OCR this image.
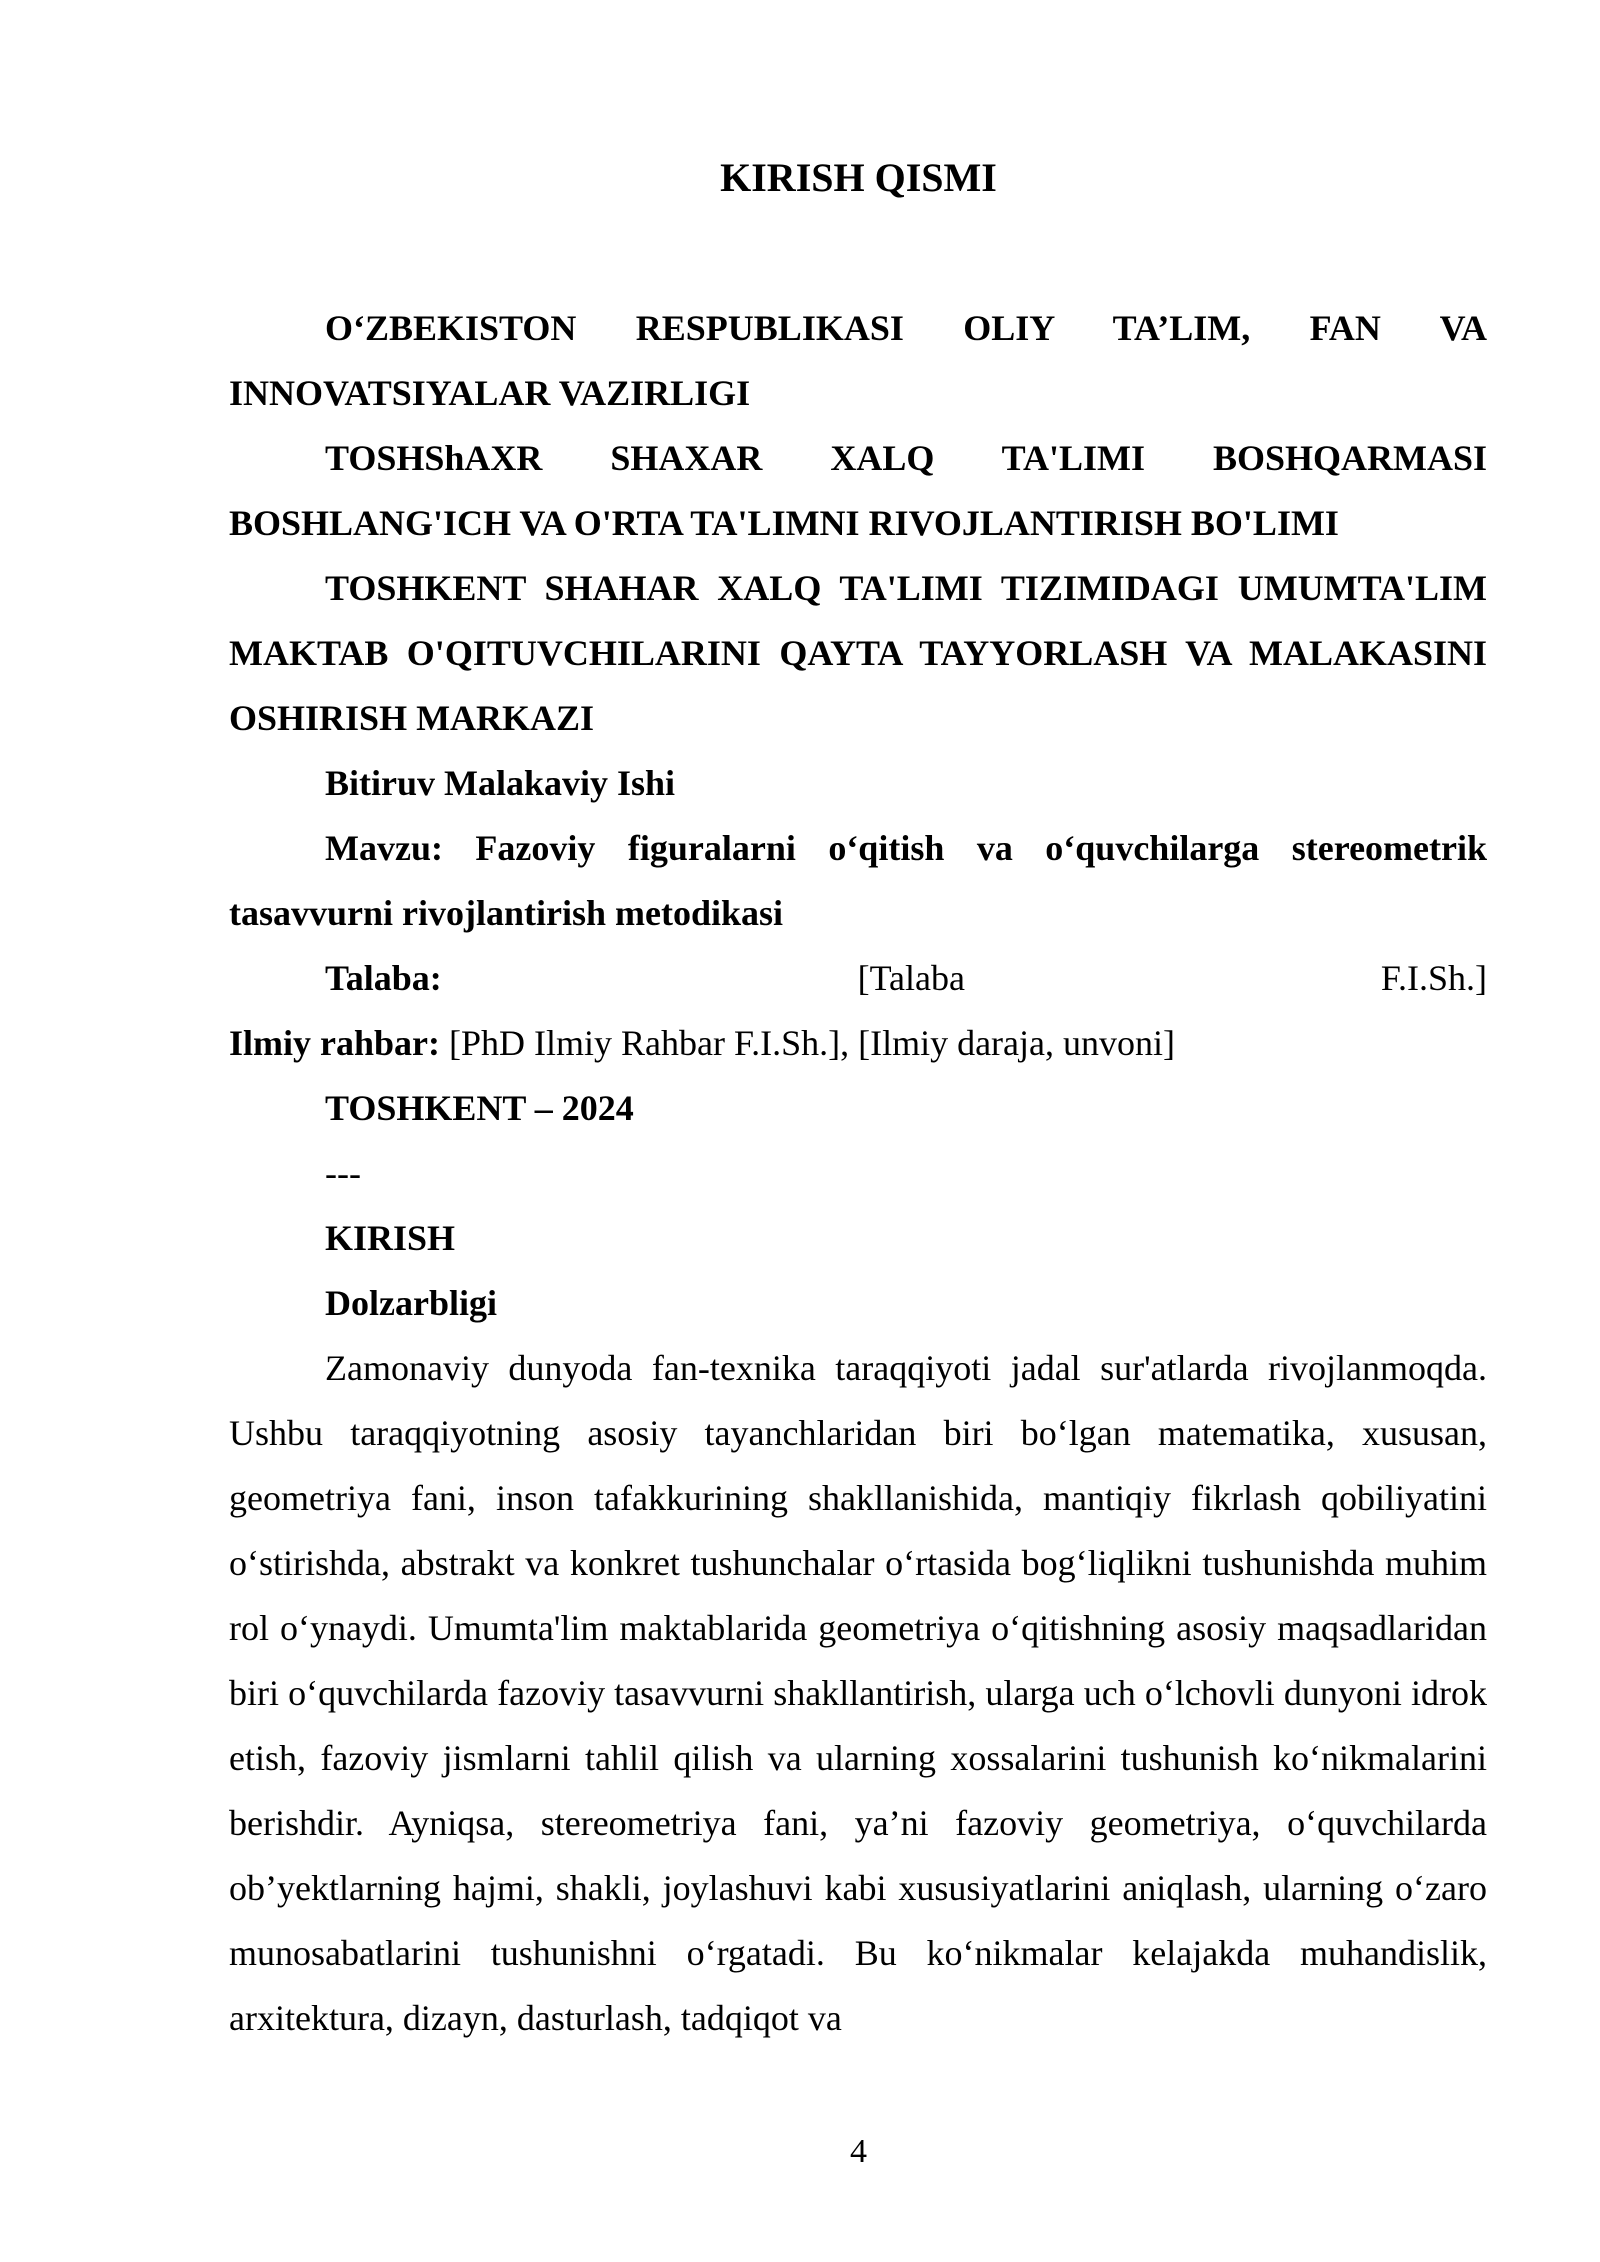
KIRISH QISMI

O‘ZBEKISTON RESPUBLIKASI OLIY TA’LIM, FAN VA INNOVATSIYALAR VAZIRLIGI

TOSHShAXR SHAXAR XALQ TA'LIMI BOSHQARMASI BOSHLANG'ICH VA O'RTA TA'LIMNI RIVOJLANTIRISH BO'LIMI

TOSHKENT SHAHAR XALQ TA'LIMI TIZIMIDAGI UMUMTA'LIM MAKTAB O'QITUVCHILARINI QAYTA TAYYORLASH VA MALAKASINI OSHIRISH MARKAZI

Bitiruv Malakaviy Ishi

Mavzu: Fazoviy figuralarni o‘qitish va o‘quvchilarga stereometrik tasavvurni rivojlantirish metodikasi

Talaba:	[Talaba	F.I.Sh.]

Ilmiy rahbar: [PhD Ilmiy Rahbar F.I.Sh.], [Ilmiy daraja, unvoni]

TOSHKENT – 2024

---

KIRISH

Dolzarbligi

Zamonaviy dunyoda fan-texnika taraqqiyoti jadal sur'atlarda rivojlanmoqda. Ushbu taraqqiyotning asosiy tayanchlaridan biri bo‘lgan matematika, xususan, geometriya fani, inson tafakkurining shakllanishida, mantiqiy fikrlash qobiliyatini o‘stirishda, abstrakt va konkret tushunchalar o‘rtasida bog‘liqlikni tushunishda muhim rol o‘ynaydi. Umumta'lim maktablarida geometriya o‘qitishning asosiy maqsadlaridan biri o‘quvchilarda fazoviy tasavvurni shakllantirish, ularga uch o‘lchovli dunyoni idrok etish, fazoviy jismlarni tahlil qilish va ularning xossalarini tushunish ko‘nikmalarini berishdir. Ayniqsa, stereometriya fani, ya’ni fazoviy geometriya, o‘quvchilarda ob’yektlarning hajmi, shakli, joylashuvi kabi xususiyatlarini aniqlash, ularning o‘zaro munosabatlarini tushunishni o‘rgatadi. Bu ko‘nikmalar kelajakda muhandislik, arxitektura, dizayn, dasturlash, tadqiqot va

4
